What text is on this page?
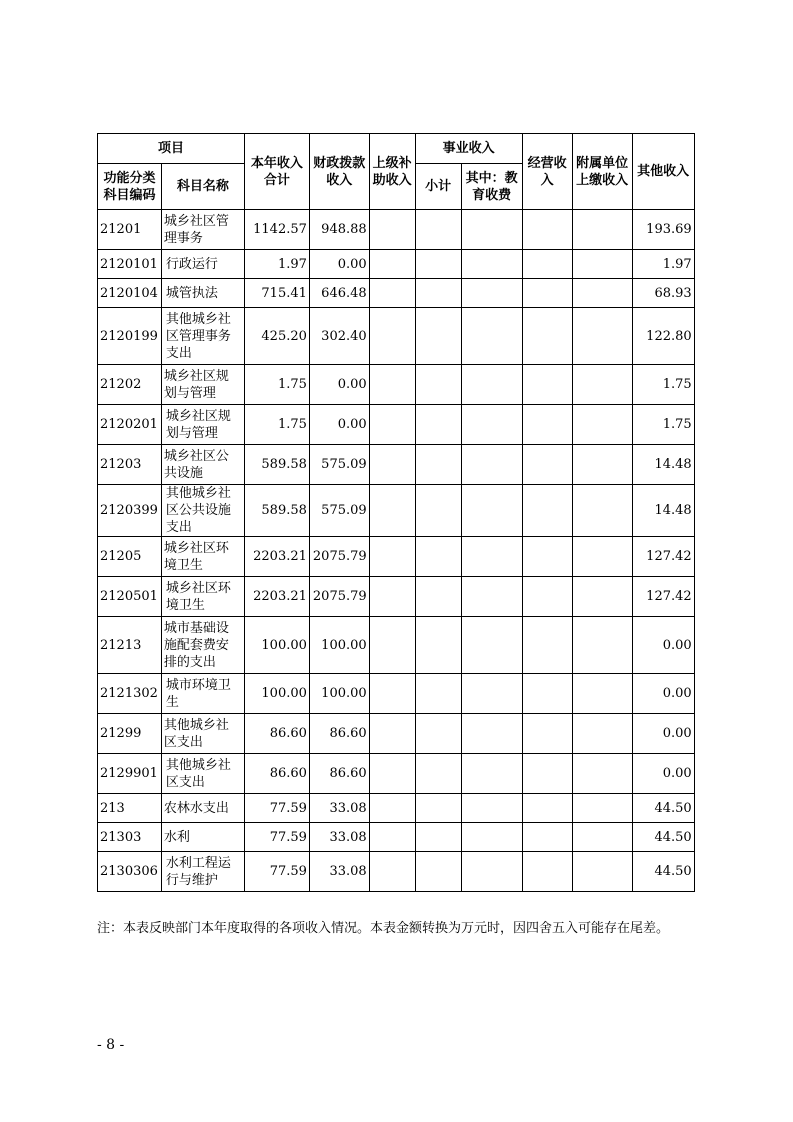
项目		本年收入合计	财政拨款收入	上级补助收入	事业收入		经营收入	附属单位上缴收入	其他收入
功能分类科目编码	科目名称				小计	其中：教育收费			
21201	城乡社区管理事务	1142.57	948.88						193.69
2120101	行政运行	1.97	0.00						1.97
2120104	城管执法	715.41	646.48						68.93
2120199	其他城乡社区管理事务支出	425.20	302.40						122.80
21202	城乡社区规划与管理	1.75	0.00						1.75
2120201	城乡社区规划与管理	1.75	0.00						1.75
21203	城乡社区公共设施	589.58	575.09						14.48
2120399	其他城乡社区公共设施支出	589.58	575.09						14.48
21205	城乡社区环境卫生	2203.21	2075.79						127.42
2120501	城乡社区环境卫生	2203.21	2075.79						127.42
21213	城市基础设施配套费安排的支出	100.00	100.00						0.00
2121302	城市环境卫生	100.00	100.00						0.00
21299	其他城乡社区支出	86.60	86.60						0.00
2129901	其他城乡社区支出	86.60	86.60						0.00
213	农林水支出	77.59	33.08						44.50
21303	水利	77.59	33.08						44.50
2130306	水利工程运行与维护	77.59	33.08						44.50
注：本表反映部门本年度取得的各项收入情况。本表金额转换为万元时，因四舍五入可能存在尾差。
- 8 -
